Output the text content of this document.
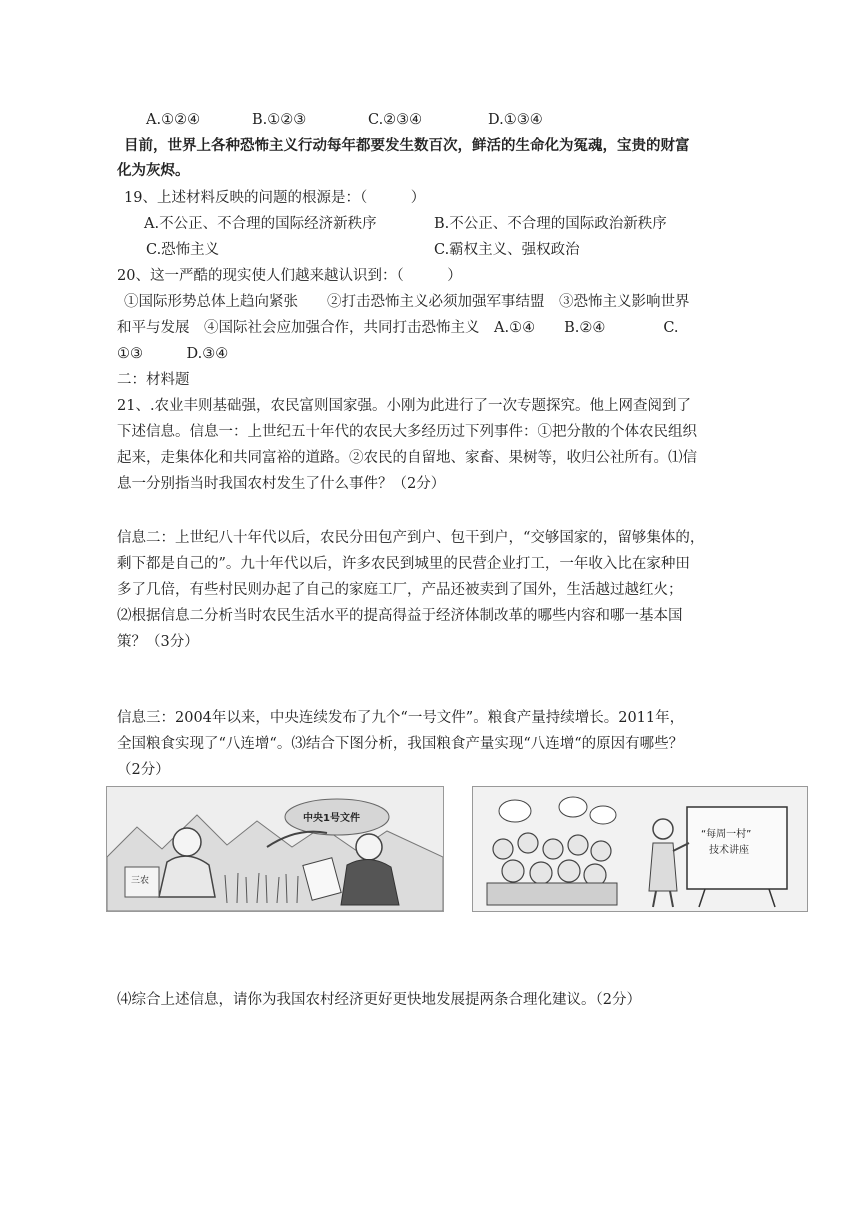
A.①②④	B.①②③	C.②③④	D.①③④
目前，世界上各种恐怖主义行动每年都要发生数百次，鲜活的生命化为冤魂，宝贵的财富
化为灰烬。
19、上述材料反映的问题的根源是：（　　　）
A.不公正、不合理的国际经济新秩序	B.不公正、不合理的国际政治新秩序
C.恐怖主义	C.霸权主义、强权政治
20、这一严酷的现实使人们越来越认识到：（　　　）
①国际形势总体上趋向紧张　　②打击恐怖主义必须加强军事结盟　③恐怖主义影响世界
和平与发展　④国际社会应加强合作，共同打击恐怖主义　A.①④　　B.②④　　　　C.
①③　　　D.③④
二：材料题
21、.农业丰则基础强，农民富则国家强。小刚为此进行了一次专题探究。他上网查阅到了
下述信息。信息一：上世纪五十年代的农民大多经历过下列事件：①把分散的个体农民组织
起来，走集体化和共同富裕的道路。②农民的自留地、家畜、果树等，收归公社所有。⑴信
息一分别指当时我国农村发生了什么事件？（2分）
信息二：上世纪八十年代以后，农民分田包产到户、包干到户，“交够国家的，留够集体的，
剩下都是自己的”。九十年代以后，许多农民到城里的民营企业打工，一年收入比在家种田
多了几倍，有些村民则办起了自己的家庭工厂，产品还被卖到了国外，生活越过越红火；
⑵根据信息二分析当时农民生活水平的提高得益于经济体制改革的哪些内容和哪一基本国
策？（3分）
信息三：2004年以来，中央连续发布了九个“一号文件”。粮食产量持续增长。2011年，
全国粮食实现了“八连增“。⑶结合下图分析，我国粮食产量实现“八连增“的原因有哪些？
（2分）
中央1号文件
三农
“每周一村”
技术讲座
⑷综合上述信息，请你为我国农村经济更好更快地发展提两条合理化建议。（2分）
